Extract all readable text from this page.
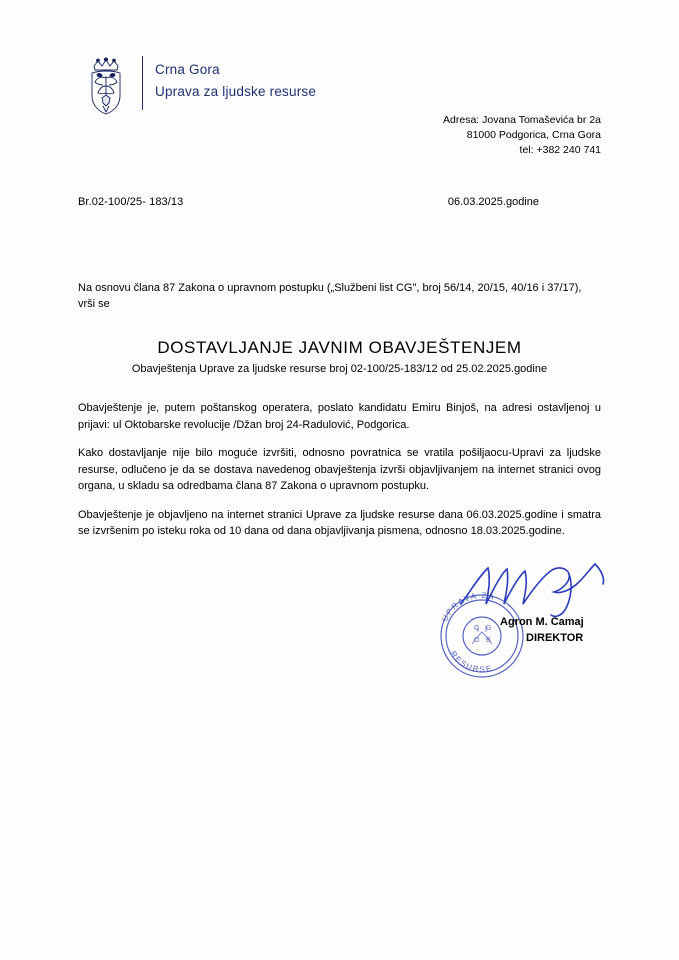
Crna Gora
Uprava za ljudske resurse
Adresa: Jovana Tomaševića br 2a
81000 Podgorica, Crna Gora
tel: +382 240 741
Br.02-100/25- 183/13	06.03.2025.godine
Na osnovu člana 87 Zakona o upravnom postupku („Službeni list CG", broj 56/14, 20/15, 40/16 i 37/17), vrši se
DOSTAVLJANJE JAVNIM OBAVJEŠTENJEM
Obavještenja Uprave za ljudske resurse broj 02-100/25-183/12 od 25.02.2025.godine

Obavještenje je, putem poštanskog operatera, poslato kandidatu Emiru Binjoš, na adresi ostavljenoj u prijavi: ul Oktobarske revolucije /Džan broj 24-Radulović, Podgorica.

Kako dostavljanje nije bilo moguće izvršiti, odnosno povratnica se vratila pošiljaocu-Upravi za ljudske resurse, odlučeno je da se dostava navedenog obavještenja izvrši objavljivanjem na internet stranici ovog organa, u skladu sa odredbama člana 87 Zakona o upravnom postupku.

Obavještenje je objavljeno na internet stranici Uprave za ljudske resurse dana 06.03.2025.godine i smatra se izvršenim po isteku roka od 10 dana od dana objavljivanja pismena, odnosno 18.03.2025.godine.

UPRAVA ZA
RESURSE
C G
O B
Agron M. Camaj
DIREKTOR
